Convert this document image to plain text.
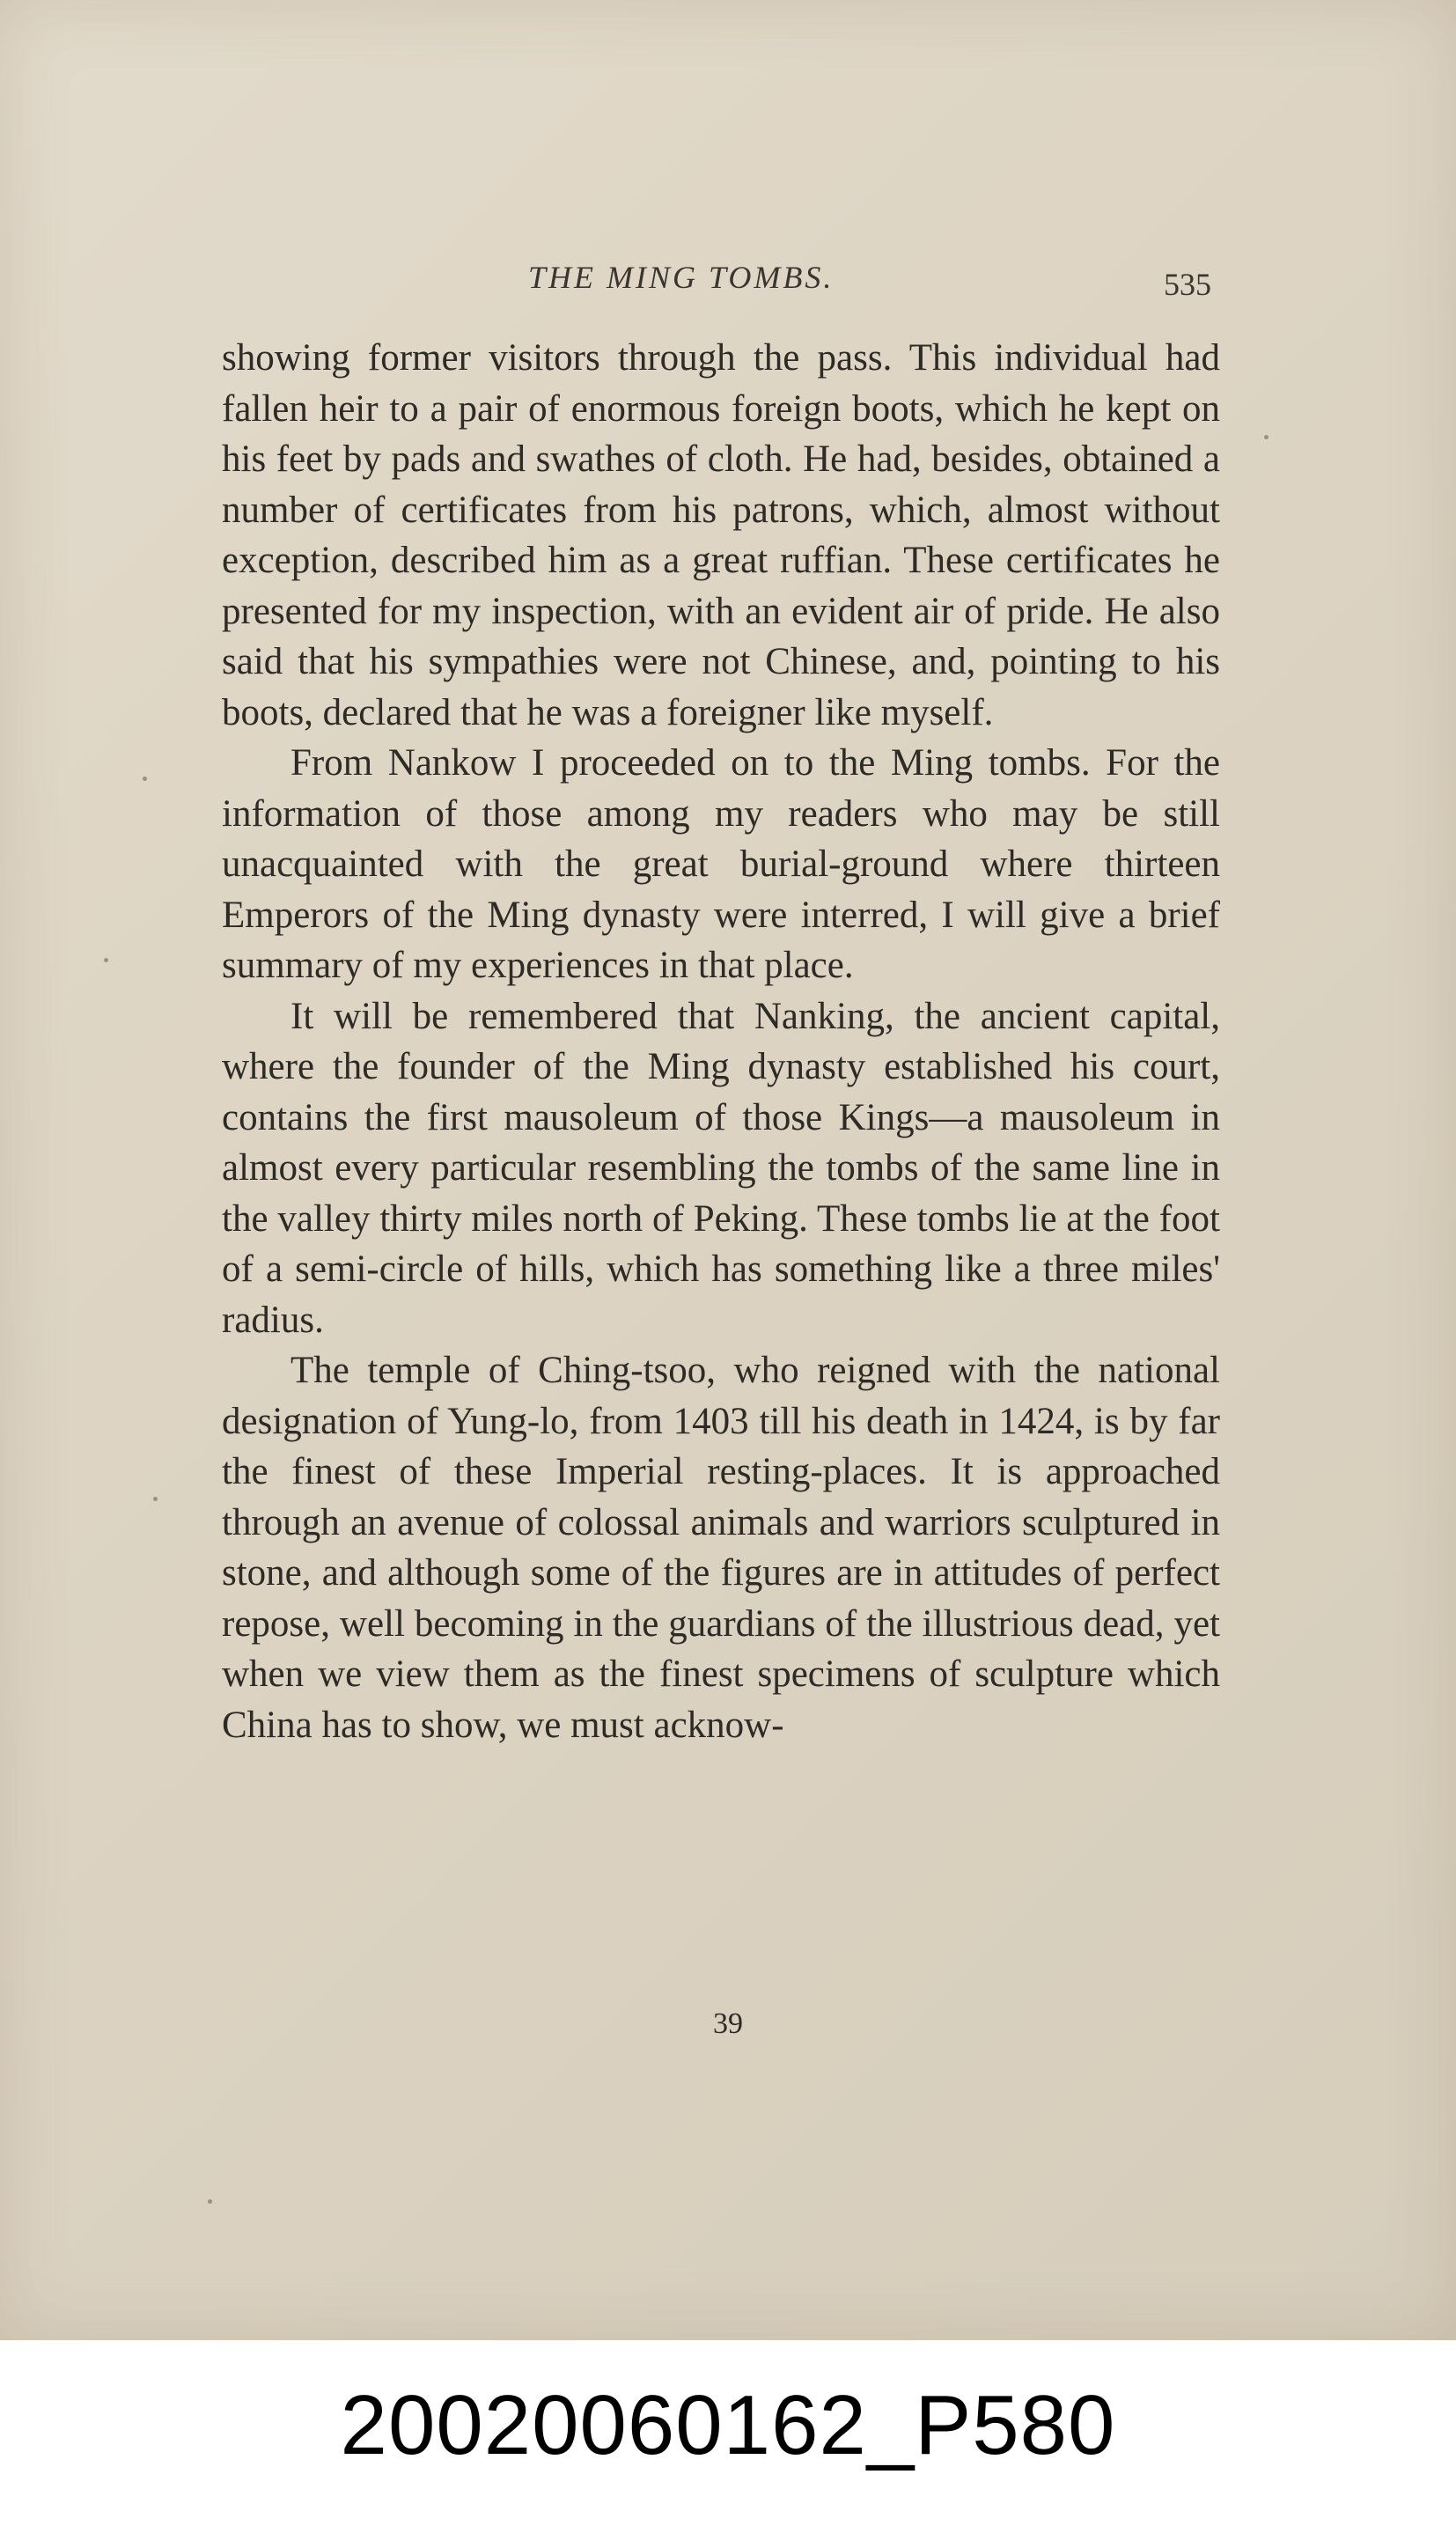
THE MING TOMBS.	535

showing former visitors through the pass. This individual had fallen heir to a pair of enormous foreign boots, which he kept on his feet by pads and swathes of cloth. He had, besides, obtained a number of certificates from his patrons, which, almost without exception, described him as a great ruffian. These certificates he presented for my inspection, with an evident air of pride. He also said that his sympathies were not Chinese, and, pointing to his boots, declared that he was a foreigner like myself.

From Nankow I proceeded on to the Ming tombs. For the information of those among my readers who may be still unacquainted with the great burial-ground where thirteen Emperors of the Ming dynasty were interred, I will give a brief summary of my experiences in that place.

It will be remembered that Nanking, the ancient capital, where the founder of the Ming dynasty established his court, contains the first mausoleum of those Kings—a mausoleum in almost every particular resembling the tombs of the same line in the valley thirty miles north of Peking. These tombs lie at the foot of a semi-circle of hills, which has something like a three miles' radius.

The temple of Ching-tsoo, who reigned with the national designation of Yung-lo, from 1403 till his death in 1424, is by far the finest of these Imperial resting-places. It is approached through an avenue of colossal animals and warriors sculptured in stone, and although some of the figures are in attitudes of perfect repose, well becoming in the guardians of the illustrious dead, yet when we view them as the finest specimens of sculpture which China has to show, we must acknow-

39
20020060162_P580
